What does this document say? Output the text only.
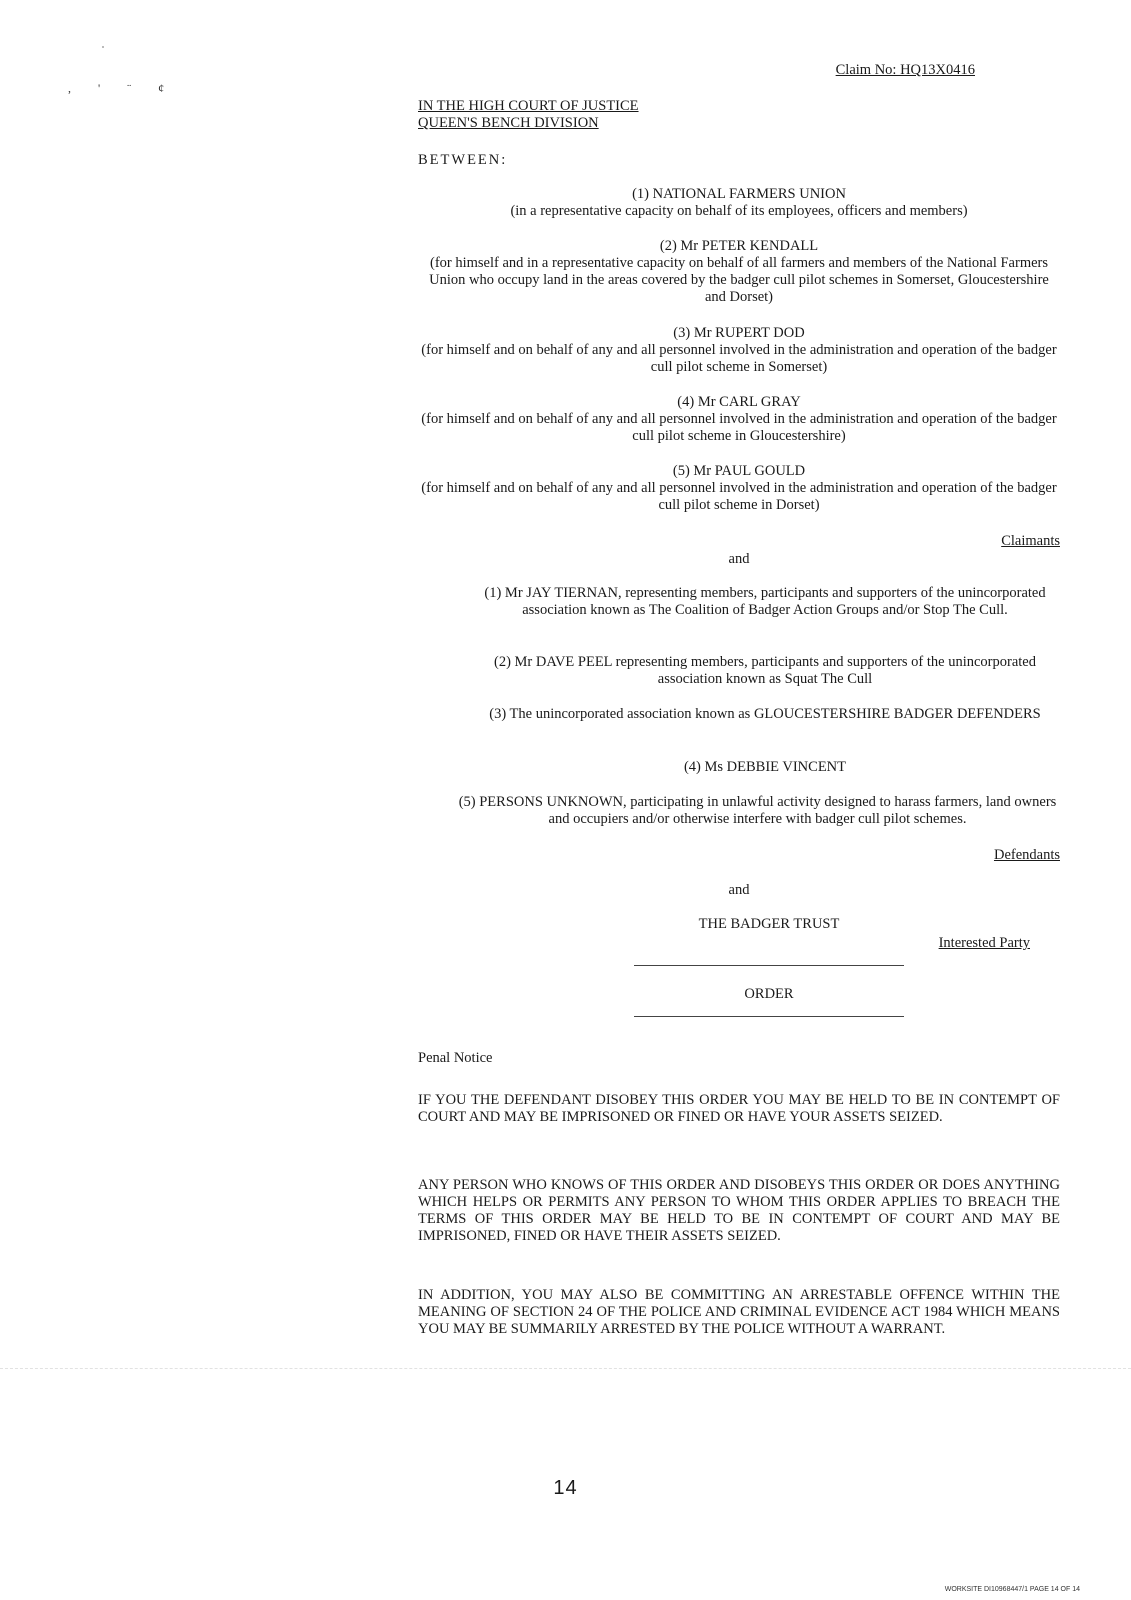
, ' ¨ ¢
Claim No: HQ13X0416
IN THE HIGH COURT OF JUSTICE
QUEEN'S BENCH DIVISION
BETWEEN:
(1) NATIONAL FARMERS UNION
(in a representative capacity on behalf of its employees, officers and members)
(2) Mr PETER KENDALL
(for himself and in a representative capacity on behalf of all farmers and members of the National Farmers Union who occupy land in the areas covered by the badger cull pilot schemes in Somerset, Gloucestershire and Dorset)
(3) Mr RUPERT DOD
(for himself and on behalf of any and all personnel involved in the administration and operation of the badger cull pilot scheme in Somerset)
(4) Mr CARL GRAY
(for himself and on behalf of any and all personnel involved in the administration and operation of the badger cull pilot scheme in Gloucestershire)
(5) Mr PAUL GOULD
(for himself and on behalf of any and all personnel involved in the administration and operation of the badger cull pilot scheme in Dorset)
Claimants
and
(1) Mr JAY TIERNAN, representing members, participants and supporters of the unincorporated association known as The Coalition of Badger Action Groups and/or Stop The Cull.
(2) Mr DAVE PEEL representing members, participants and supporters of the unincorporated association known as Squat The Cull
(3) The unincorporated association known as GLOUCESTERSHIRE BADGER DEFENDERS
(4) Ms DEBBIE VINCENT
(5) PERSONS UNKNOWN, participating in unlawful activity designed to harass farmers, land owners and occupiers and/or otherwise interfere with badger cull pilot schemes.
Defendants
and
THE BADGER TRUST
Interested Party
ORDER
Penal Notice
IF YOU THE DEFENDANT DISOBEY THIS ORDER YOU MAY BE HELD TO BE IN CONTEMPT OF COURT AND MAY BE IMPRISONED OR FINED OR HAVE YOUR ASSETS SEIZED.
ANY PERSON WHO KNOWS OF THIS ORDER AND DISOBEYS THIS ORDER OR DOES ANYTHING WHICH HELPS OR PERMITS ANY PERSON TO WHOM THIS ORDER APPLIES TO BREACH THE TERMS OF THIS ORDER MAY BE HELD TO BE IN CONTEMPT OF COURT AND MAY BE IMPRISONED, FINED OR HAVE THEIR ASSETS SEIZED.
IN ADDITION, YOU MAY ALSO BE COMMITTING AN ARRESTABLE OFFENCE WITHIN THE MEANING OF SECTION 24 OF THE POLICE AND CRIMINAL EVIDENCE ACT 1984 WHICH MEANS YOU MAY BE SUMMARILY ARRESTED BY THE POLICE WITHOUT A WARRANT.
14
WORKSITE DI10968447/1 PAGE 14 OF 14
